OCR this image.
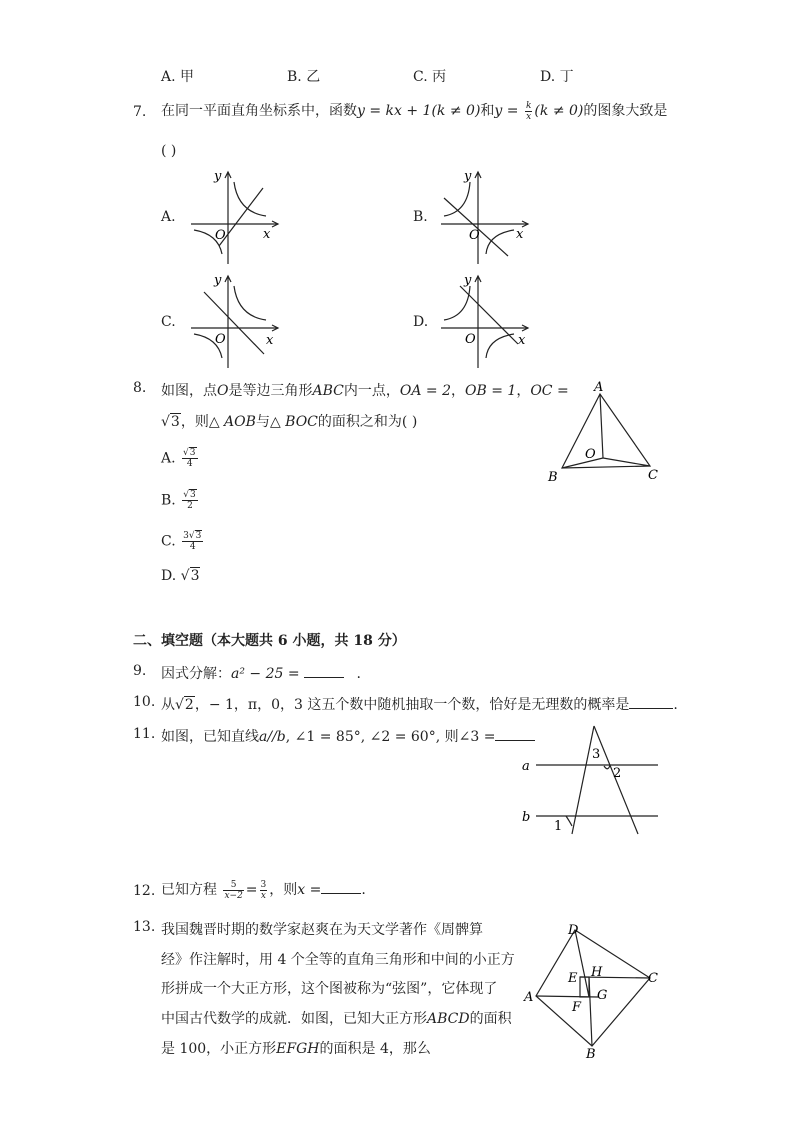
A. 甲	B. 乙	C. 丙	D. 丁
7. 在同一平面直角坐标系中，函数y = kx + 1(k ≠ 0)和$y = \frac{k}{x} (k \ne 0)$的图象大致是
( )
A.	B.
C.	D.
y
x
O
y
x
O
y
x
O
y
x
O
8. 如图，点O是等边三角形ABC内一点，OA = 2，OB = 1，OC =
√3，则△ AOB与△ BOC的面积之和为( )
A. $\frac{√3}{4}$
B. $\frac{√3}{2}$
C. $\frac{3√3}{4}$
D. √3
A
B	C
O
二、填空题（本大题共 6 小题，共 18 分）
9. 因式分解：a² − 25 =	.
10. 从√2，− 1，π，0，3 这五个数中随机抽取一个数，恰好是无理数的概率是	.
11. 如图，已知直线a//b, ∠1 = 85°, ∠2 = 60°, 则∠3 =
a
b
1
2
3
12. 已知方程 $\frac{5}{x-2} = \frac{3}{x}$ ，则x =	.
13. 我国魏晋时期的数学家赵爽在为天文学著作《周髀算
经》作注解时，用 4 个全等的直角三角形和中间的小正方
形拼成一个大正方形，这个图被称为“弦图”，它体现了
中国古代数学的成就．如图，已知大正方形ABCD的面积
是 100，小正方形EFGH的面积是 4，那么
D
C
B
A
E H
G
F
